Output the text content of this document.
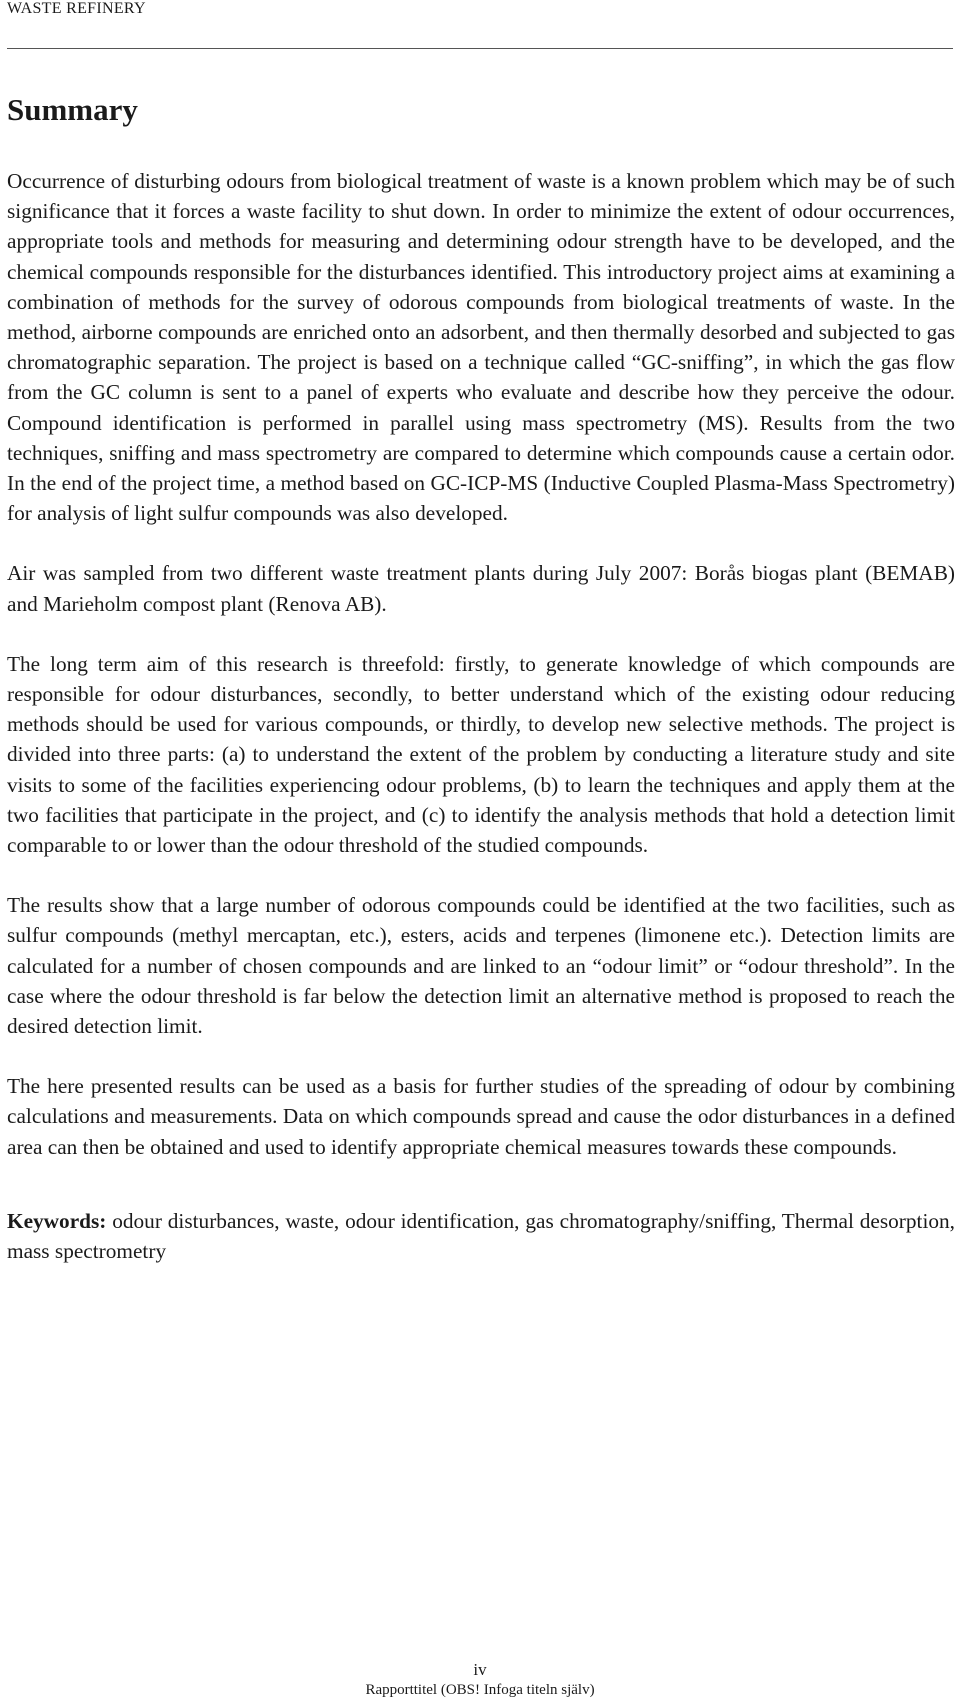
WASTE REFINERY
Summary

Occurrence of disturbing odours from biological treatment of waste is a known problem which may be of such significance that it forces a waste facility to shut down. In order to minimize the extent of odour occurrences, appropriate tools and methods for measuring and determining odour strength have to be developed, and the chemical compounds responsible for the disturbances identified. This introductory project aims at examining a combination of methods for the survey of odorous compounds from biological treatments of waste. In the method, airborne compounds are enriched onto an adsorbent, and then thermally desorbed and subjected to gas chromatographic separation. The project is based on a technique called “GC-sniffing”, in which the gas flow from the GC column is sent to a panel of experts who evaluate and describe how they perceive the odour. Compound identification is performed in parallel using mass spectrometry (MS). Results from the two techniques, sniffing and mass spectrometry are compared to determine which compounds cause a certain odor. In the end of the project time, a method based on GC-ICP-MS (Inductive Coupled Plasma-Mass Spectrometry) for analysis of light sulfur compounds was also developed.

Air was sampled from two different waste treatment plants during July 2007: Borås biogas plant (BEMAB) and Marieholm compost plant (Renova AB).

The long term aim of this research is threefold: firstly, to generate knowledge of which compounds are responsible for odour disturbances, secondly, to better understand which of the existing odour reducing methods should be used for various compounds, or thirdly, to develop new selective methods. The project is divided into three parts: (a) to understand the extent of the problem by conducting a literature study and site visits to some of the facilities experiencing odour problems, (b) to learn the techniques and apply them at the two facilities that participate in the project, and (c) to identify the analysis methods that hold a detection limit comparable to or lower than the odour threshold of the studied compounds.

The results show that a large number of odorous compounds could be identified at the two facilities, such as sulfur compounds (methyl mercaptan, etc.), esters, acids and terpenes (limonene etc.). Detection limits are calculated for a number of chosen compounds and are linked to an “odour limit” or “odour threshold”. In the case where the odour threshold is far below the detection limit an alternative method is proposed to reach the desired detection limit.

The here presented results can be used as a basis for further studies of the spreading of odour by combining calculations and measurements. Data on which compounds spread and cause the odor disturbances in a defined area can then be obtained and used to identify appropriate chemical measures towards these compounds.

Keywords: odour disturbances, waste, odour identification, gas chromatography/sniffing, Thermal desorption, mass spectrometry

iv
Rapporttitel (OBS! Infoga titeln själv)
